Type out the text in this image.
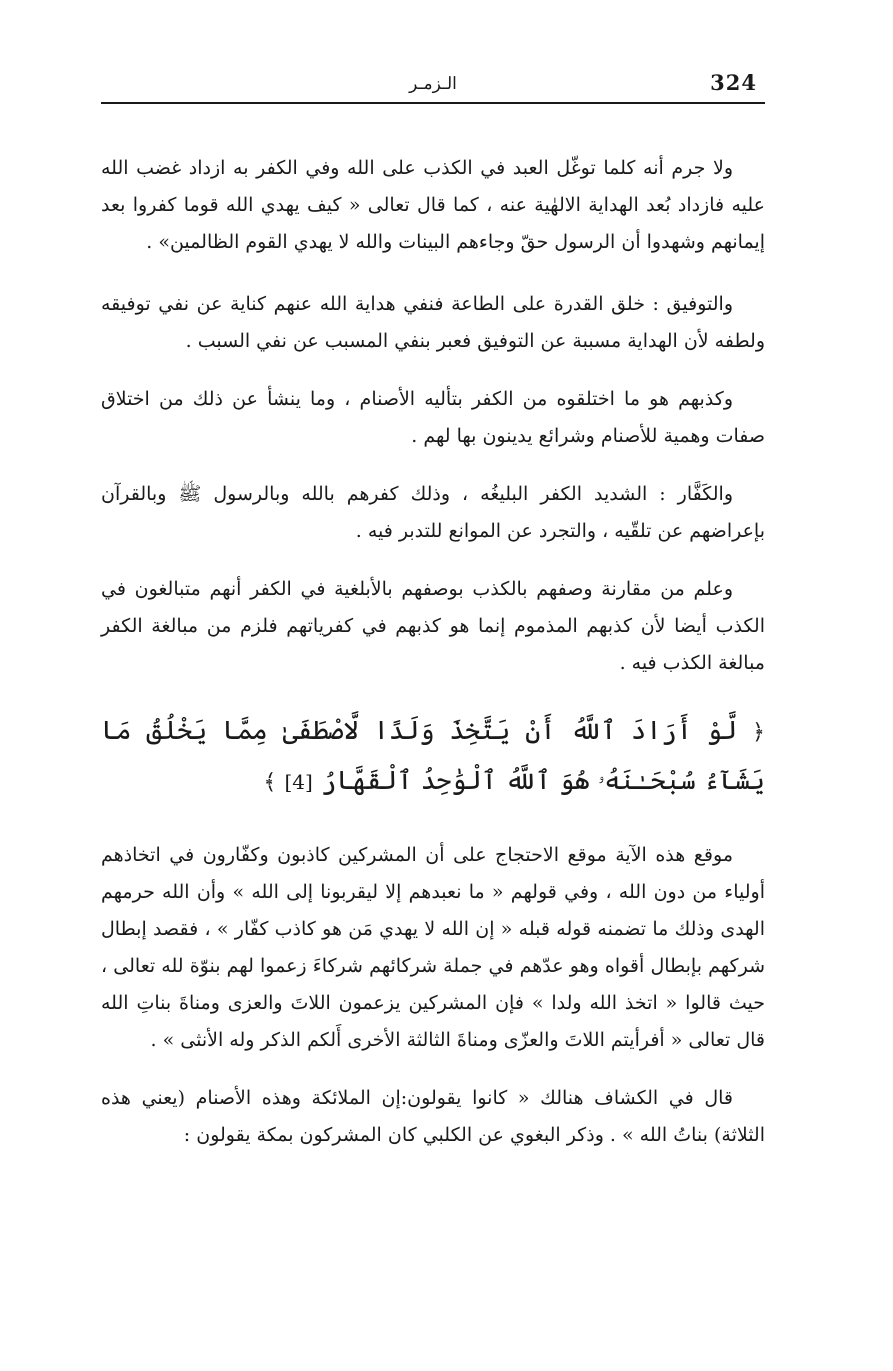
324
الـزمـر

ولا جرم أنه كلما توغّل العبد في الكذب على الله وفي الكفر به ازداد غضب الله عليه فازداد بُعد الهداية الالهٰية عنه ، كما قال تعالى « كيف يهدي الله قوما كفروا بعد إيمانهم وشهدوا أن الرسول حقّ وجاءهم البينات والله لا يهدي القوم الظالمين» .

والتوفيق : خلق القدرة على الطاعة فنفي هداية الله عنهم كناية عن نفي توفيقه ولطفه لأن الهداية مسببة عن التوفيق فعبر بنفي المسبب عن نفي السبب .

وكذبهم هو ما اختلقوه من الكفر بتأليه الأصنام ، وما ينشأ عن ذلك من اختلاق صفات وهمية للأصنام وشرائع يدينون بها لهم .

والكَفَّار : الشديد الكفر البليغُه ، وذلك كفرهم بالله وبالرسول ﷺ وبالقرآن بإعراضهم عن تلقّيه ، والتجرد عن الموانع للتدبر فيه .

وعلم من مقارنة وصفهم بالكذب بوصفهم بالأبلغية في الكفر أنهم متبالغون في الكذب أيضا لأن كذبهم المذموم إنما هو كذبهم في كفرياتهم فلزم من مبالغة الكفر مبالغة الكذب فيه .

﴿ لَّوْ أَرَادَ ٱللَّهُ أَنْ يَتَّخِذَ وَلَدًا لَّاصْطَفَىٰ مِمَّا يَخْلُقُ مَا يَشَآءُ سُبْحَـٰنَهُۥ هُوَ ٱللَّهُ ٱلْوَٰحِدُ ٱلْقَهَّارُ [4] ﴾

موقع هذه الآية موقع الاحتجاج على أن المشركين كاذبون وكفّارون في اتخاذهم أولياء من دون الله ، وفي قولهم « ما نعبدهم إلا ليقربونا إلى الله » وأن الله حرمهم الهدى وذلك ما تضمنه قوله قبله « إن الله لا يهدي مَن هو كاذب كفّار » ، فقصد إبطال شركهم بإبطال أقواه وهو عدّهم في جملة شركائهم شركاءَ زعموا لهم بنوّة لله تعالى ، حيث قالوا « اتخذ الله ولدا » فإن المشركين يزعمون اللاتَ والعزى ومناةَ بناتِ الله قال تعالى « أفرأيتم اللاتَ والعزّى ومناةَ الثالثة الأخرى أَلكم الذكر وله الأنثى » .

قال في الكشاف هنالك « كانوا يقولون:إن الملائكة وهذه الأصنام (يعني هذه الثلاثة) بناتُ الله » . وذكر البغوي عن الكلبي كان المشركون بمكة يقولون :
